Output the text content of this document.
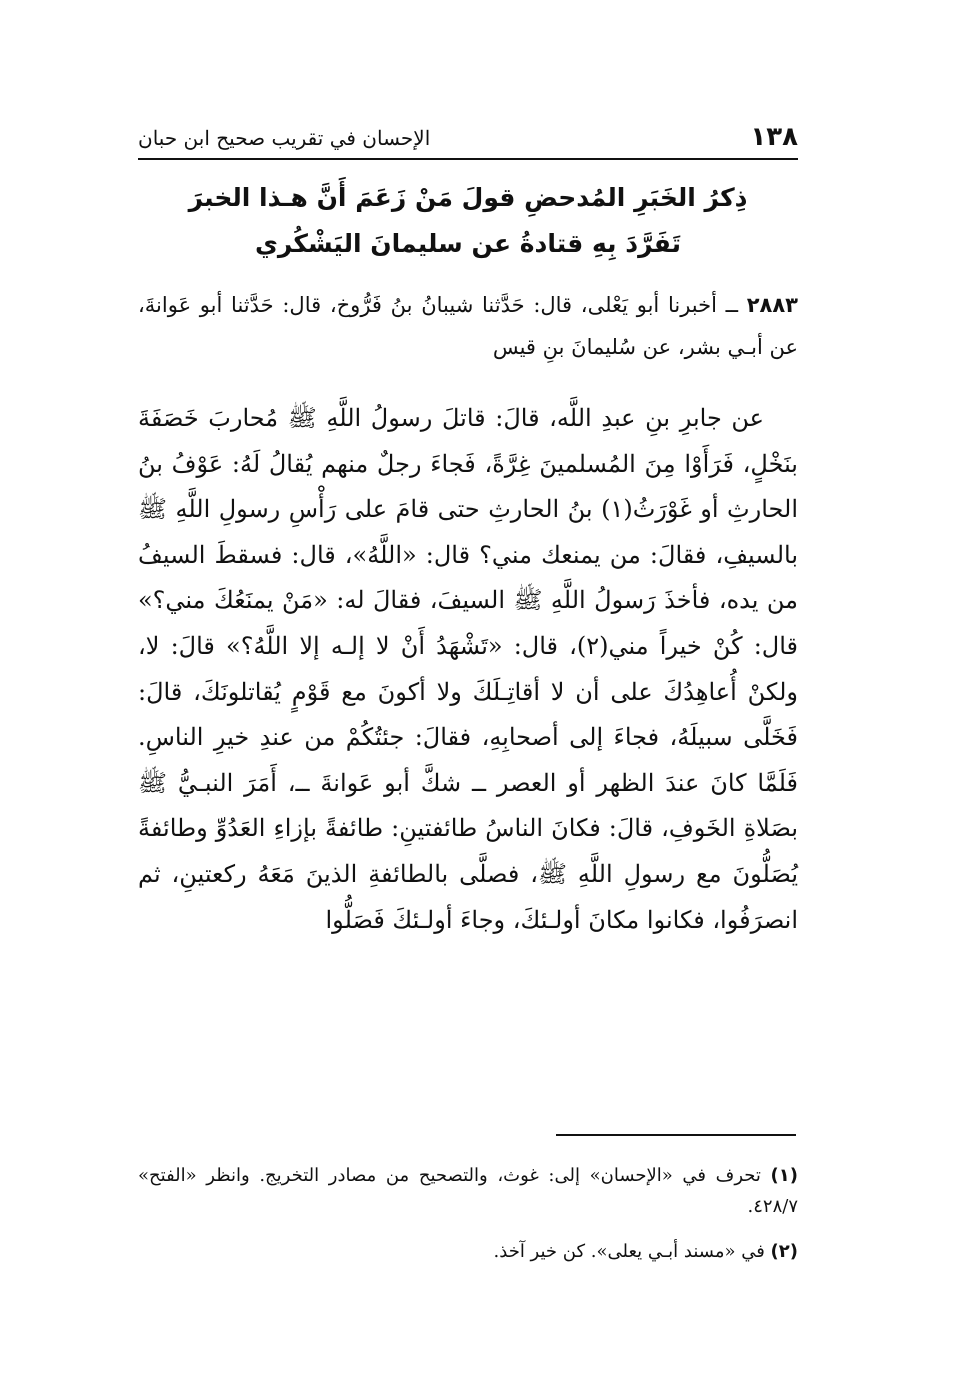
١٣٨
الإحسان في تقريب صحيح ابن حبان
ذِكرُ الخَبَرِ المُدحضِ قولَ مَنْ زَعَمَ أَنَّ هـذا الخبرَ
تَفَرَّدَ بِهِ قتادةُ عن سليمانَ اليَشْكُري
٢٨٨٣ ــ أخبرنا أبو يَعْلى، قال: حَدَّثنا شيبانُ بنُ فَرُّوخ، قال: حَدَّثنا أبو عَوانةَ، عن أبـي بشر، عن سُليمانَ بنِ قيس

عن جابرِ بنِ عبدِ اللَّه، قالَ: قاتلَ رسولُ اللَّهِ ﷺ مُحاربَ خَصَفَةَ بنَخْلٍ، فَرَأَوْا مِنَ المُسلمينَ غِرَّةً، فَجاءَ رجلٌ منهم يُقالُ لَهُ: عَوْفُ بنُ الحارثِ أو غَوْرَثُ(١) بنُ الحارثِ حتى قامَ على رَأْسِ رسولِ اللَّهِ ﷺ بالسيفِ، فقالَ: من يمنعك مني؟ قال: «اللَّهُ»، قال: فسقطَ السيفُ من يده، فأخذَ رَسولُ اللَّهِ ﷺ السيفَ، فقالَ له: «مَنْ يمنَعُكَ مني؟» قال: كُنْ خيراً مني(٢)، قال: «تَشْهَدُ أَنْ لا إلـه إلا اللَّهُ؟» قالَ: لا، ولكنْ أُعاهِدُكَ على أن لا أقاتِـلَكَ ولا أكونَ مع قَوْمٍ يُقاتلونَكَ، قالَ: فَخَلَّى سبيلَهُ، فجاءَ إلى أصحابِهِ، فقالَ: جئتُكُمْ من عندِ خيرِ الناسِ. فَلَمَّا كانَ عندَ الظهر أو العصر ــ شكَّ أبو عَوانةَ ــ، أَمَرَ النبـيُّ ﷺ بصَلاةِ الخَوفِ، قالَ: فكانَ الناسُ طائفتينِ: طائفةً بإزاءِ العَدُوِّ وطائفةً يُصَلُّونَ مع رسولِ اللَّهِ ﷺ، فصلَّى بالطائفةِ الذينَ مَعَهُ ركعتينِ، ثم انصرَفُوا، فكانوا مكانَ أولـئكَ، وجاءَ أولـئكَ فَصَلُّوا

(١) تحرف في «الإحسان» إلى: غوث، والتصحيح من مصادر التخريج. وانظر «الفتح» ٤٢٨/٧.

(٢) في «مسند أبـي يعلى». كن خير آخذ.
